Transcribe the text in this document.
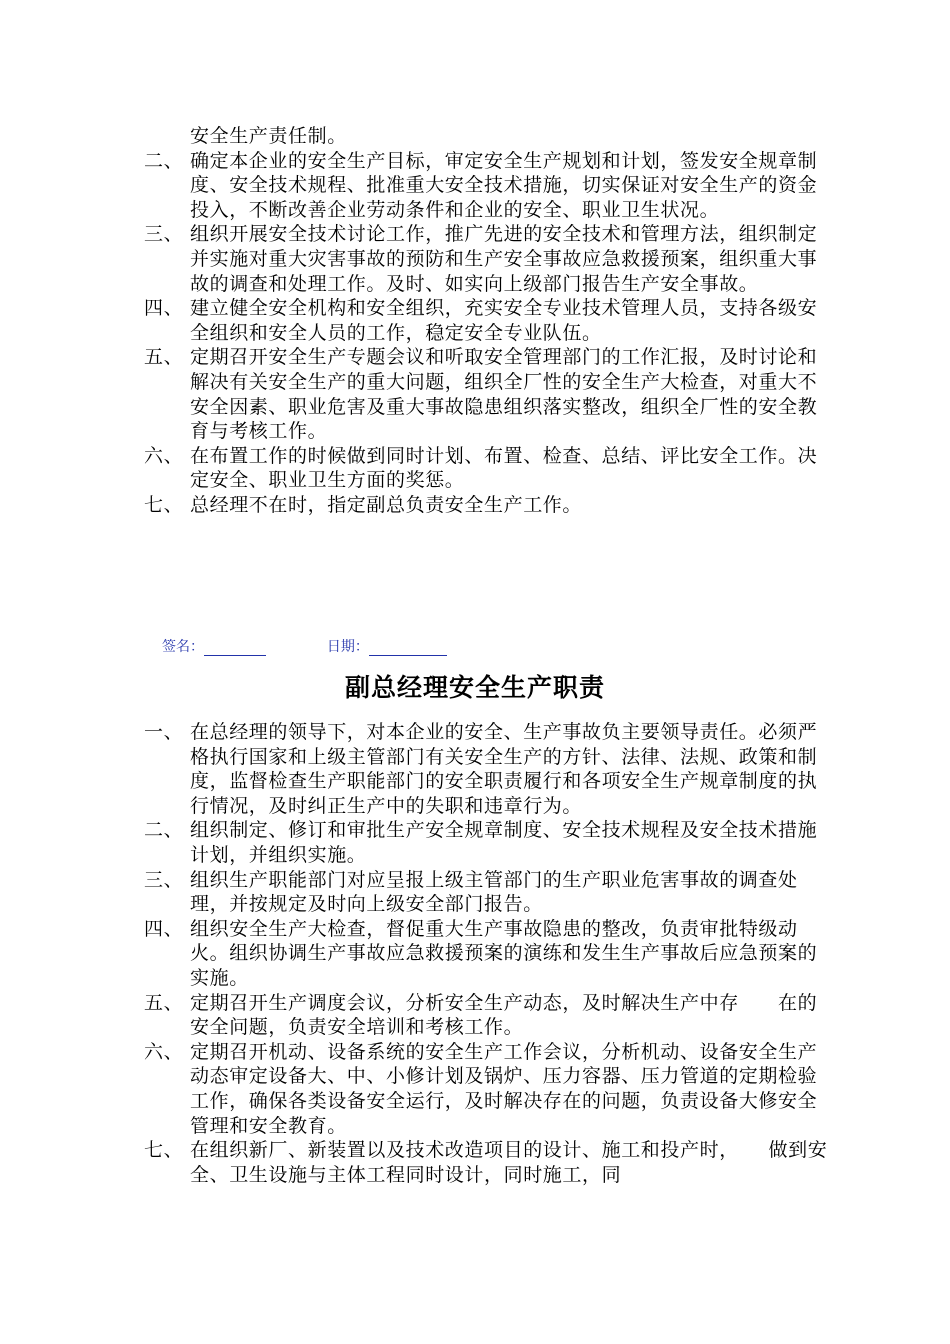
安全生产责任制。
二、 确定本企业的安全生产目标，审定安全生产规划和计划，签发安全规章制度、安全技术规程、批准重大安全技术措施，切实保证对安全生产的资金投入，不断改善企业劳动条件和企业的安全、职业卫生状况。
三、 组织开展安全技术讨论工作，推广先进的安全技术和管理方法，组织制定并实施对重大灾害事故的预防和生产安全事故应急救援预案，组织重大事故的调查和处理工作。及时、如实向上级部门报告生产安全事故。
四、 建立健全安全机构和安全组织，充实安全专业技术管理人员，支持各级安全组织和安全人员的工作，稳定安全专业队伍。
五、 定期召开安全生产专题会议和听取安全管理部门的工作汇报，及时讨论和解决有关安全生产的重大问题，组织全厂性的安全生产大检查，对重大不安全因素、职业危害及重大事故隐患组织落实整改，组织全厂性的安全教育与考核工作。
六、 在布置工作的时候做到同时计划、布置、检查、总结、评比安全工作。决定安全、职业卫生方面的奖惩。
七、 总经理不在时，指定副总负责安全生产工作。
签名：	日期：
副总经理安全生产职责
一、 在总经理的领导下，对本企业的安全、生产事故负主要领导责任。必须严格执行国家和上级主管部门有关安全生产的方针、法律、法规、政策和制度，监督检查生产职能部门的安全职责履行和各项安全生产规章制度的执行情况，及时纠正生产中的失职和违章行为。
二、 组织制定、修订和审批生产安全规章制度、安全技术规程及安全技术措施计划，并组织实施。
三、 组织生产职能部门对应呈报上级主管部门的生产职业危害事故的调查处理，并按规定及时向上级安全部门报告。
四、 组织安全生产大检查，督促重大生产事故隐患的整改，负责审批特级动火。组织协调生产事故应急救援预案的演练和发生生产事故后应急预案的实施。
五、 定期召开生产调度会议，分析安全生产动态，及时解决生产中存　　在的安全问题，负责安全培训和考核工作。
六、 定期召开机动、设备系统的安全生产工作会议，分析机动、设备安全生产动态审定设备大、中、小修计划及锅炉、压力容器、压力管道的定期检验工作，确保各类设备安全运行，及时解决存在的问题，负责设备大修安全管理和安全教育。
七、 在组织新厂、新装置以及技术改造项目的设计、施工和投产时，　　做到安全、卫生设施与主体工程同时设计，同时施工，同
